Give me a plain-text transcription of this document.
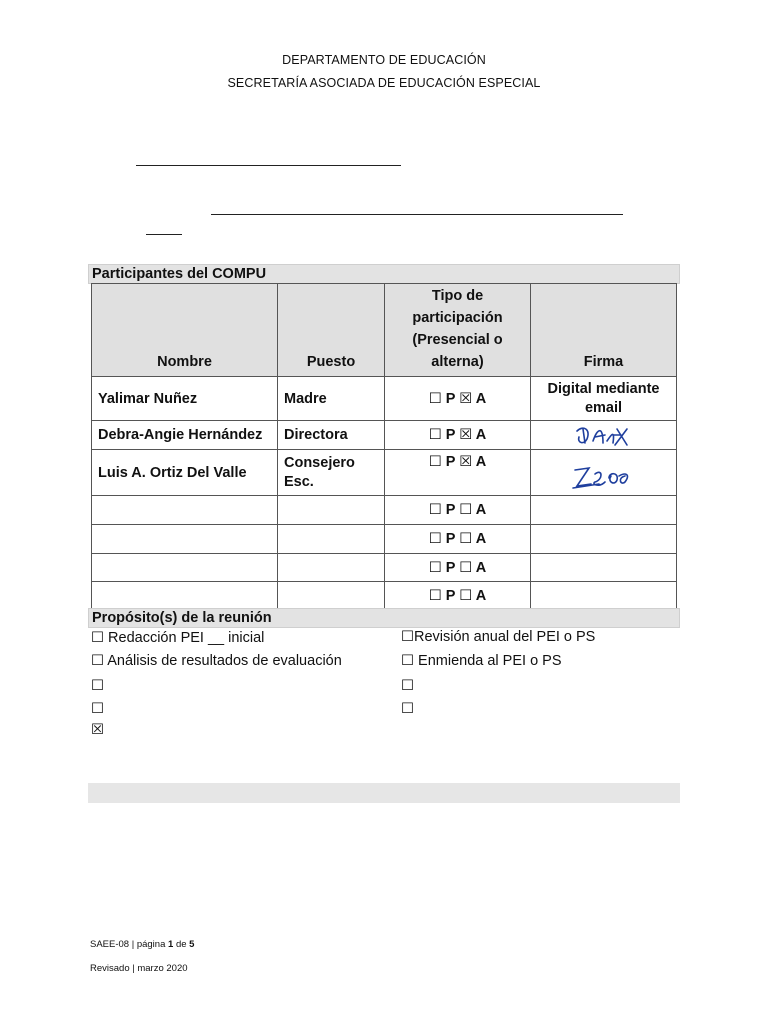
DEPARTAMENTO DE EDUCACIÓN
SECRETARÍA ASOCIADA DE EDUCACIÓN ESPECIAL
Participantes del COMPU
Nombre	Puesto	Tipo de
participación
(Presencial o
alterna)	Firma
Yalimar Nuñez	Madre	☐ P ☒ A	Digital mediante
email
Debra-Angie Hernández	Directora	☐ P ☒ A	

Luis A. Ortiz Del Valle	Consejero
Esc.	☐ P ☒ A	

		☐ P ☐ A	
		☐ P ☐ A	
		☐ P ☐ A	
		☐ P ☐ A	
Propósito(s) de la reunión
☐ Redacción PEI __ inicial
☐ Análisis de resultados de evaluación
☐
☐
☒
☐Revisión anual del PEI o PS
☐ Enmienda al PEI o PS
☐
☐
SAEE-08 | página 1 de 5
Revisado | marzo 2020
